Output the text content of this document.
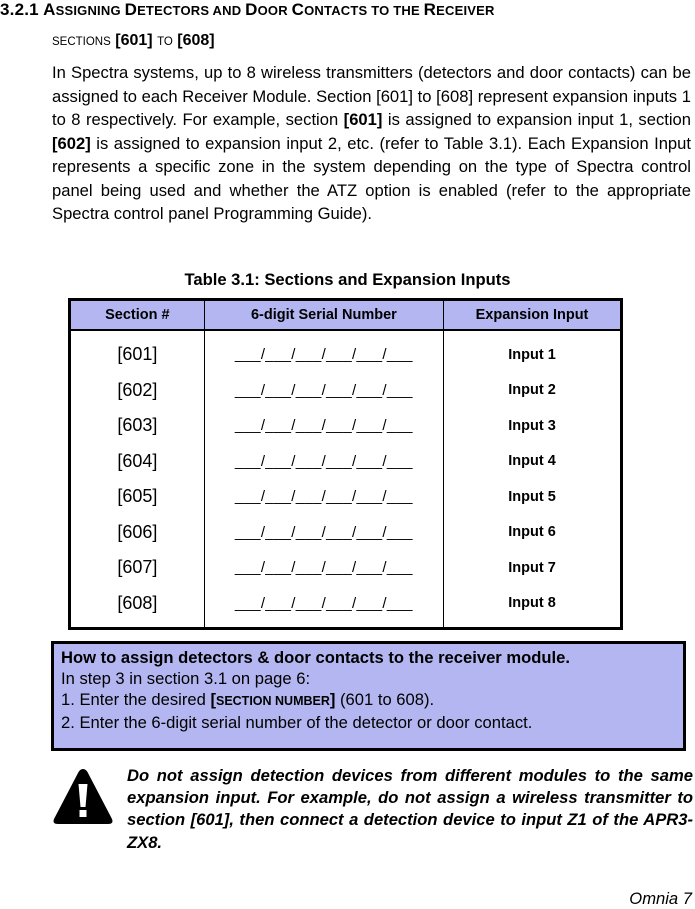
3.2.1 ASSIGNING DETECTORS AND DOOR CONTACTS TO THE RECEIVER
SECTIONS [601] TO [608]
In Spectra systems, up to 8 wireless transmitters (detectors and door contacts) can be assigned to each Receiver Module. Section [601] to [608] represent expansion inputs 1 to 8 respectively. For example, section [601] is assigned to expansion input 1, section [602] is assigned to expansion input 2, etc. (refer to Table 3.1). Each Expansion Input represents a specific zone in the system depending on the type of Spectra control panel being used and whether the ATZ option is enabled (refer to the appropriate Spectra control panel Programming Guide).
Table 3.1: Sections and Expansion Inputs
Section #	6-digit Serial Number	Expansion Input
[601]	___/___/___/___/___/___	Input 1
[602]	___/___/___/___/___/___	Input 2
[603]	___/___/___/___/___/___	Input 3
[604]	___/___/___/___/___/___	Input 4
[605]	___/___/___/___/___/___	Input 5
[606]	___/___/___/___/___/___	Input 6
[607]	___/___/___/___/___/___	Input 7
[608]	___/___/___/___/___/___	Input 8
How to assign detectors & door contacts to the receiver module.
In step 3 in section 3.1 on page 6:
1. Enter the desired [SECTION NUMBER] (601 to 608).
2. Enter the 6-digit serial number of the detector or door contact.
Do not assign detection devices from different modules to the same expansion input. For example, do not assign a wireless transmitter to section [601], then connect a detection device to input Z1 of the APR3-ZX8.
Omnia 7
